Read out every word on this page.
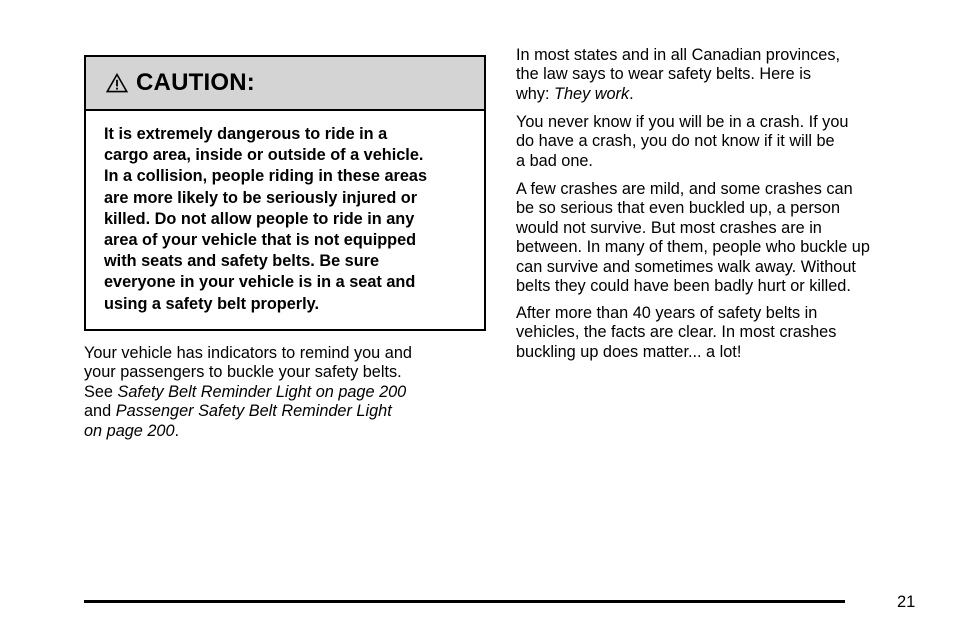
CAUTION:
It is extremely dangerous to ride in a
cargo area, inside or outside of a vehicle.
In a collision, people riding in these areas
are more likely to be seriously injured or
killed. Do not allow people to ride in any
area of your vehicle that is not equipped
with seats and safety belts. Be sure
everyone in your vehicle is in a seat and
using a safety belt properly.
Your vehicle has indicators to remind you and
your passengers to buckle your safety belts.
See Safety Belt Reminder Light on page 200
and Passenger Safety Belt Reminder Light
on page 200.
In most states and in all Canadian provinces,
the law says to wear safety belts. Here is
why: They work.
You never know if you will be in a crash. If you
do have a crash, you do not know if it will be
a bad one.
A few crashes are mild, and some crashes can
be so serious that even buckled up, a person
would not survive. But most crashes are in
between. In many of them, people who buckle up
can survive and sometimes walk away. Without
belts they could have been badly hurt or killed.
After more than 40 years of safety belts in
vehicles, the facts are clear. In most crashes
buckling up does matter... a lot!
21
